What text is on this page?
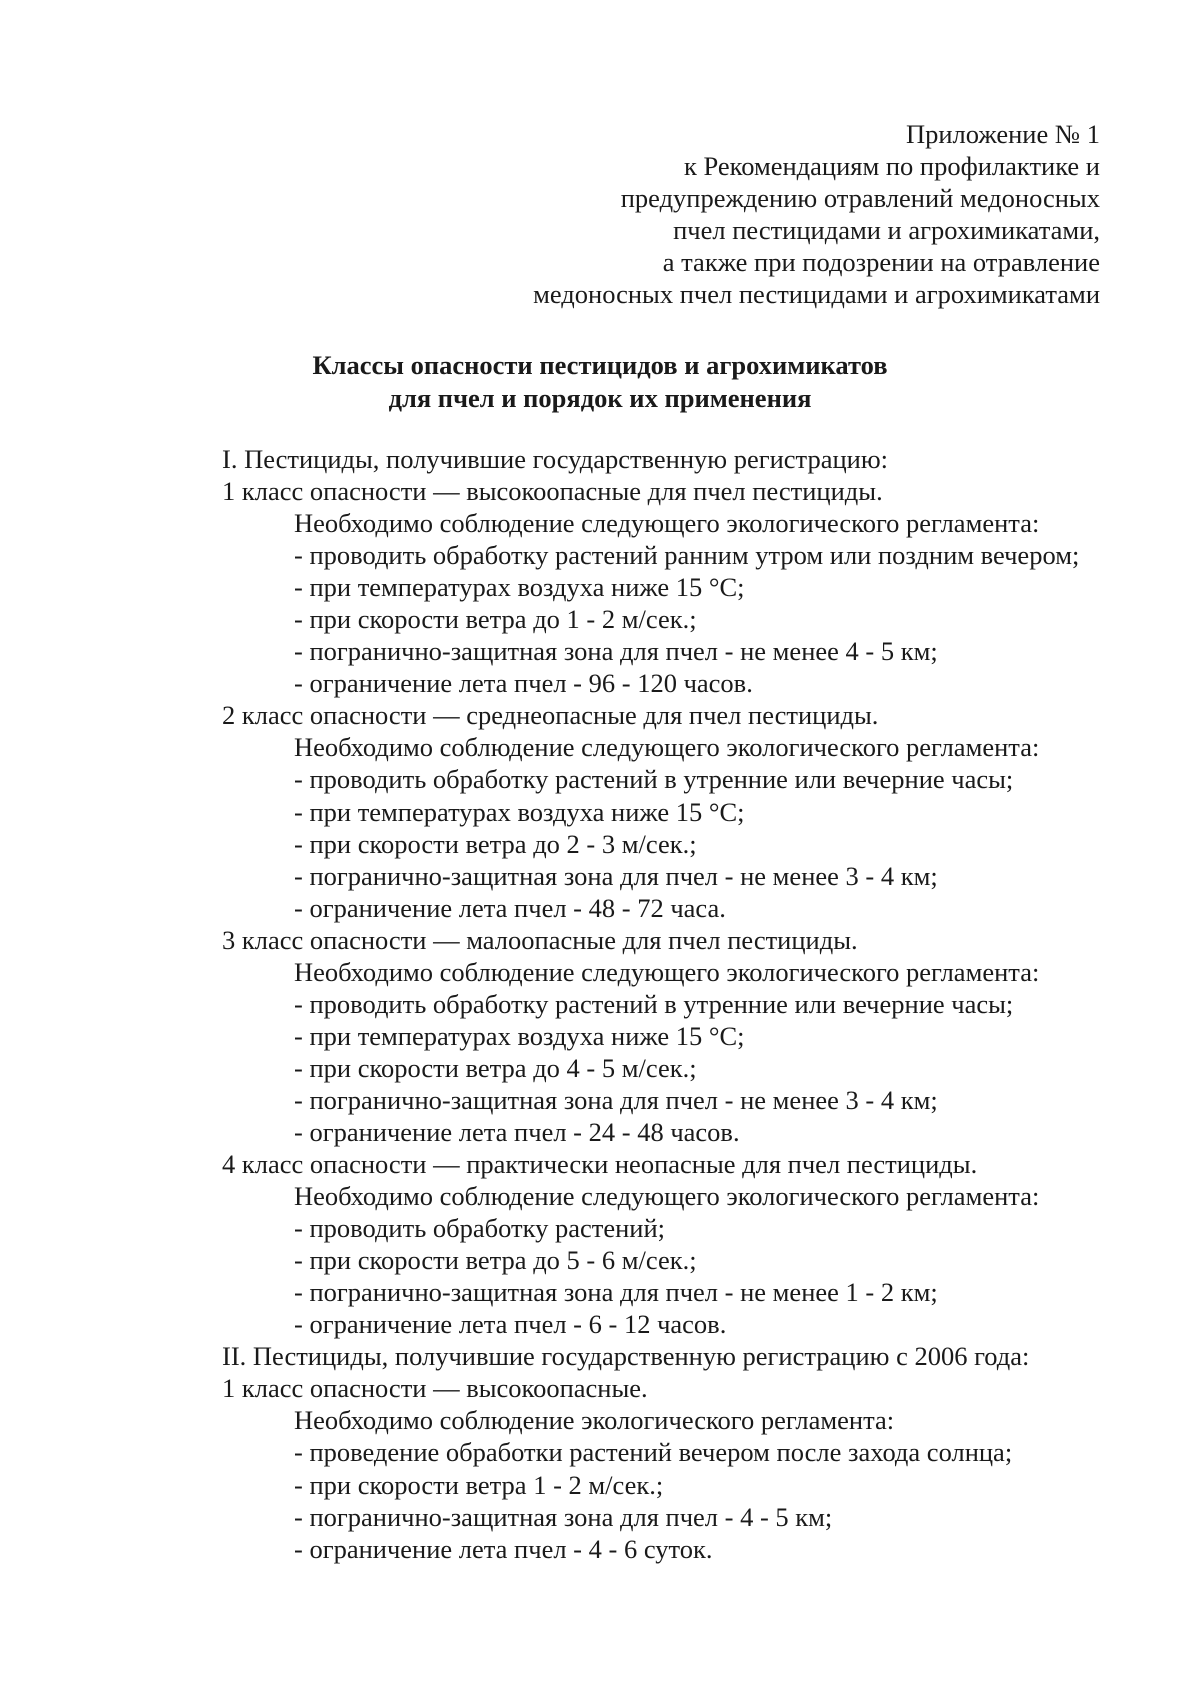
Приложение № 1
к Рекомендациям по профилактике и
предупреждению отравлений медоносных
пчел пестицидами и агрохимикатами,
а также при подозрении на отравление
медоносных пчел пестицидами и агрохимикатами
Классы опасности пестицидов и агрохимикатов
для пчел и порядок их применения
I. Пестициды, получившие государственную регистрацию:
1 класс опасности — высокоопасные для пчел пестициды.
Необходимо соблюдение следующего экологического регламента:
- проводить обработку растений ранним утром или поздним вечером;
- при температурах воздуха ниже 15 °C;
- при скорости ветра до 1 - 2 м/сек.;
- погранично-защитная зона для пчел - не менее 4 - 5 км;
- ограничение лета пчел - 96 - 120 часов.
2 класс опасности — среднеопасные для пчел пестициды.
Необходимо соблюдение следующего экологического регламента:
- проводить обработку растений в утренние или вечерние часы;
- при температурах воздуха ниже 15 °C;
- при скорости ветра до 2 - 3 м/сек.;
- погранично-защитная зона для пчел - не менее 3 - 4 км;
- ограничение лета пчел - 48 - 72 часа.
3 класс опасности — малоопасные для пчел пестициды.
Необходимо соблюдение следующего экологического регламента:
- проводить обработку растений в утренние или вечерние часы;
- при температурах воздуха ниже 15 °C;
- при скорости ветра до 4 - 5 м/сек.;
- погранично-защитная зона для пчел - не менее 3 - 4 км;
- ограничение лета пчел - 24 - 48 часов.
4 класс опасности — практически неопасные для пчел пестициды.
Необходимо соблюдение следующего экологического регламента:
- проводить обработку растений;
- при скорости ветра до 5 - 6 м/сек.;
- погранично-защитная зона для пчел - не менее 1 - 2 км;
- ограничение лета пчел - 6 - 12 часов.
II. Пестициды, получившие государственную регистрацию с 2006 года:
1 класс опасности — высокоопасные.
Необходимо соблюдение экологического регламента:
- проведение обработки растений вечером после захода солнца;
- при скорости ветра 1 - 2 м/сек.;
- погранично-защитная зона для пчел - 4 - 5 км;
- ограничение лета пчел - 4 - 6 суток.
